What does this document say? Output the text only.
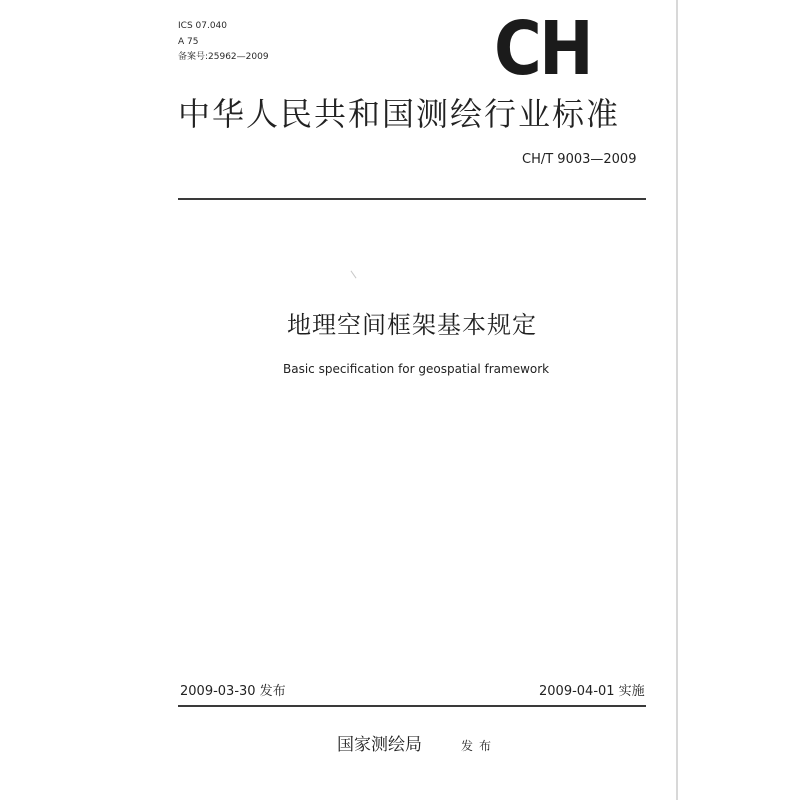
ICS 07.040
A 75
备案号:25962—2009	CH
中华人民共和国测绘行业标准
CH/T 9003—2009
地理空间框架基本规定
Basic specification for geospatial framework
2009-03-30 发布	2009-04-01 实施
国家测绘局	发布
